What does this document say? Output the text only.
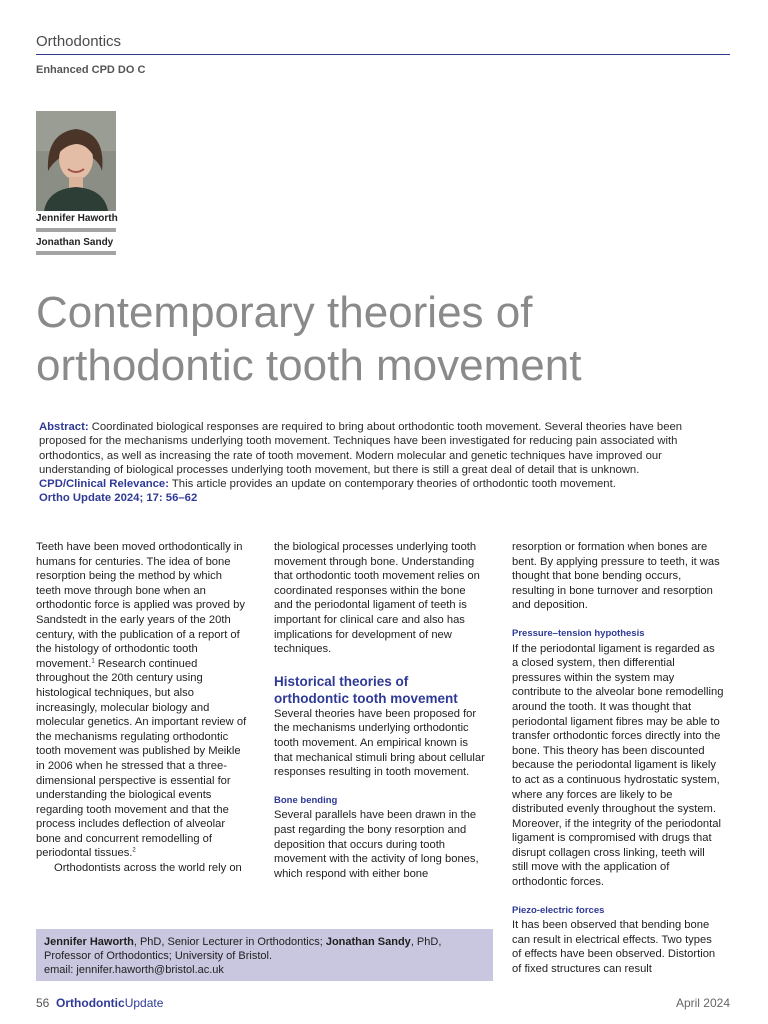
Orthodontics
Enhanced CPD DO C
Jennifer Haworth
Jonathan Sandy
Contemporary theories of
orthodontic tooth movement
Abstract: Coordinated biological responses are required to bring about orthodontic tooth movement. Several theories have been proposed for the mechanisms underlying tooth movement. Techniques have been investigated for reducing pain associated with orthodontics, as well as increasing the rate of tooth movement. Modern molecular and genetic techniques have improved our understanding of biological processes underlying tooth movement, but there is still a great deal of detail that is unknown.
CPD/Clinical Relevance: This article provides an update on contemporary theories of orthodontic tooth movement.
Ortho Update 2024; 17: 56–62

Teeth have been moved orthodontically in humans for centuries. The idea of bone resorption being the method by which teeth move through bone when an orthodontic force is applied was proved by Sandstedt in the early years of the 20th century, with the publication of a report of the histology of orthodontic tooth movement.$^1$ Research continued throughout the 20th century using histological techniques, but also increasingly, molecular biology and molecular genetics. An important review of the mechanisms regulating orthodontic tooth movement was published by Meikle in 2006 when he stressed that a three-dimensional perspective is essential for understanding the biological events regarding tooth movement and that the process includes deflection of alveolar bone and concurrent remodelling of periodontal tissues.$^2$

Orthodontists across the world rely on

the biological processes underlying tooth movement through bone. Understanding that orthodontic tooth movement relies on coordinated responses within the bone and the periodontal ligament of teeth is important for clinical care and also has implications for development of new techniques.

Historical theories of orthodontic tooth movement

Several theories have been proposed for the mechanisms underlying orthodontic tooth movement. An empirical known is that mechanical stimuli bring about cellular responses resulting in tooth movement.

Bone bending

Several parallels have been drawn in the past regarding the bony resorption and deposition that occurs during tooth movement with the activity of long bones, which respond with either bone

resorption or formation when bones are bent. By applying pressure to teeth, it was thought that bone bending occurs, resulting in bone turnover and resorption and deposition.

Pressure–tension hypothesis

If the periodontal ligament is regarded as a closed system, then differential pressures within the system may contribute to the alveolar bone remodelling around the tooth. It was thought that periodontal ligament fibres may be able to transfer orthodontic forces directly into the bone. This theory has been discounted because the periodontal ligament is likely to act as a continuous hydrostatic system, where any forces are likely to be distributed evenly throughout the system. Moreover, if the integrity of the periodontal ligament is compromised with drugs that disrupt collagen cross linking, teeth will still move with the application of orthodontic forces.

Piezo-electric forces

It has been observed that bending bone can result in electrical effects. Two types of effects have been observed. Distortion of fixed structures can result

Jennifer Haworth, PhD, Senior Lecturer in Orthodontics; Jonathan Sandy, PhD, Professor of Orthodontics; University of Bristol.
email: jennifer.haworth@bristol.ac.uk
56 OrthodonticUpdate	April 2024
